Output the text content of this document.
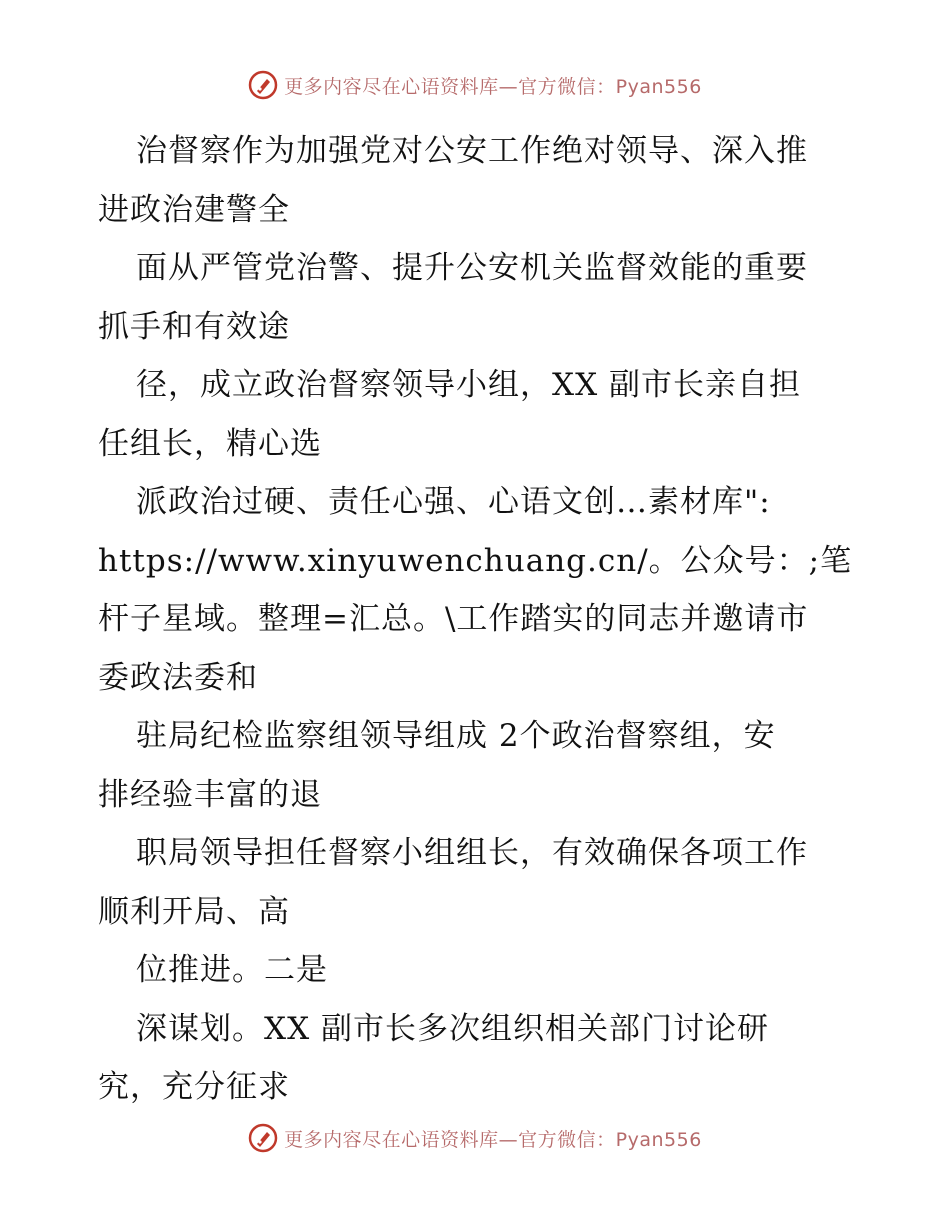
更多内容尽在心语资料库—官方微信：Pyan556
治督察作为加强党对公安工作绝对领导、深入推
进政治建警全
面从严管党治警、提升公安机关监督效能的重要
抓手和有效途
径，成立政治督察领导小组，XX 副市长亲自担
任组长，精心选
派政治过硬、责任心强、心语文创…素材库":
https://www.xinyuwenchuang.cn/。公众号：;笔
杆子星域。整理=汇总。\工作踏实的同志并邀请市
委政法委和
驻局纪检监察组领导组成 2个政治督察组，安
排经验丰富的退
职局领导担任督察小组组长，有效确保各项工作
顺利开局、高
位推进。二是
深谋划。XX 副市长多次组织相关部门讨论研
究，充分征求
更多内容尽在心语资料库—官方微信：Pyan556
